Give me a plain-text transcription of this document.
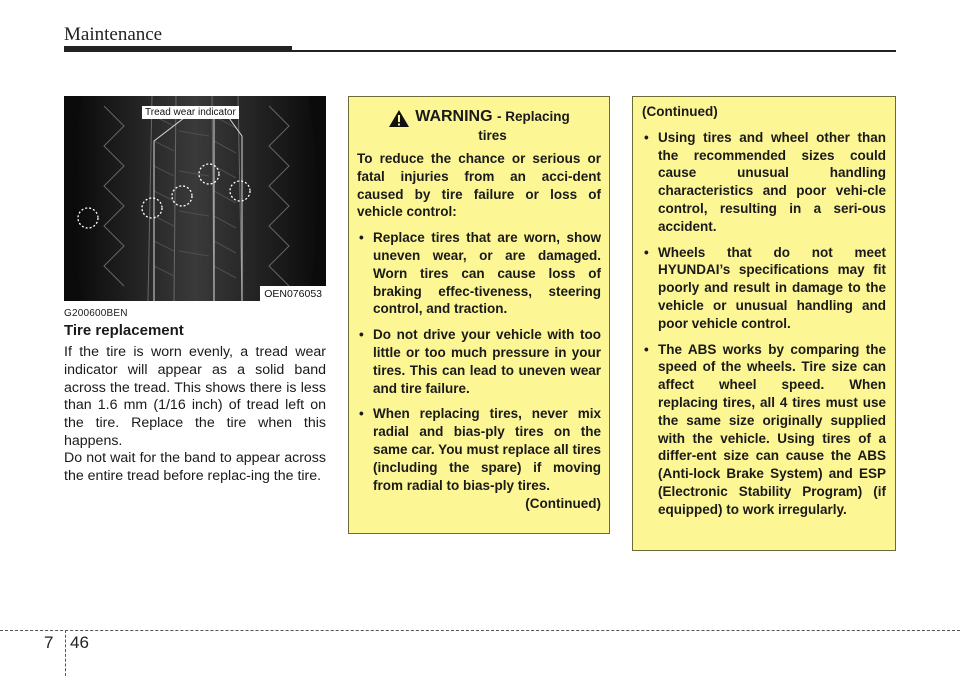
Maintenance
Tread wear indicator
OEN076053
G200600BEN
Tire replacement

If the tire is worn evenly, a tread wear indicator will appear as a solid band across the tread. This shows there is less than 1.6 mm (1/16 inch) of tread left on the tire. Replace the tire when this happens.

Do not wait for the band to appear across the entire tread before replac-ing the tire.

WARNING - Replacing
tires

To reduce the chance or serious or fatal injuries from an acci-dent caused by tire failure or loss of vehicle control:

• Replace tires that are worn, show uneven wear, or are damaged. Worn tires can cause loss of braking effec-tiveness, steering control, and traction.
• Do not drive your vehicle with too little or too much pressure in your tires. This can lead to uneven wear and tire failure.
• When replacing tires, never mix radial and bias-ply tires on the same car. You must replace all tires (including the spare) if moving from radial to bias-ply tires.
(Continued)
(Continued)
• Using tires and wheel other than the recommended sizes could cause unusual handling characteristics and poor vehi-cle control, resulting in a seri-ous accident.
• Wheels that do not meet HYUNDAI’s specifications may fit poorly and result in damage to the vehicle or unusual handling and poor vehicle control.
• The ABS works by comparing the speed of the wheels. Tire size can affect wheel speed. When replacing tires, all 4 tires must use the same size originally supplied with the vehicle. Using tires of a differ-ent size can cause the ABS (Anti-lock Brake System) and ESP (Electronic Stability Program) (if equipped) to work irregularly.
7 46
